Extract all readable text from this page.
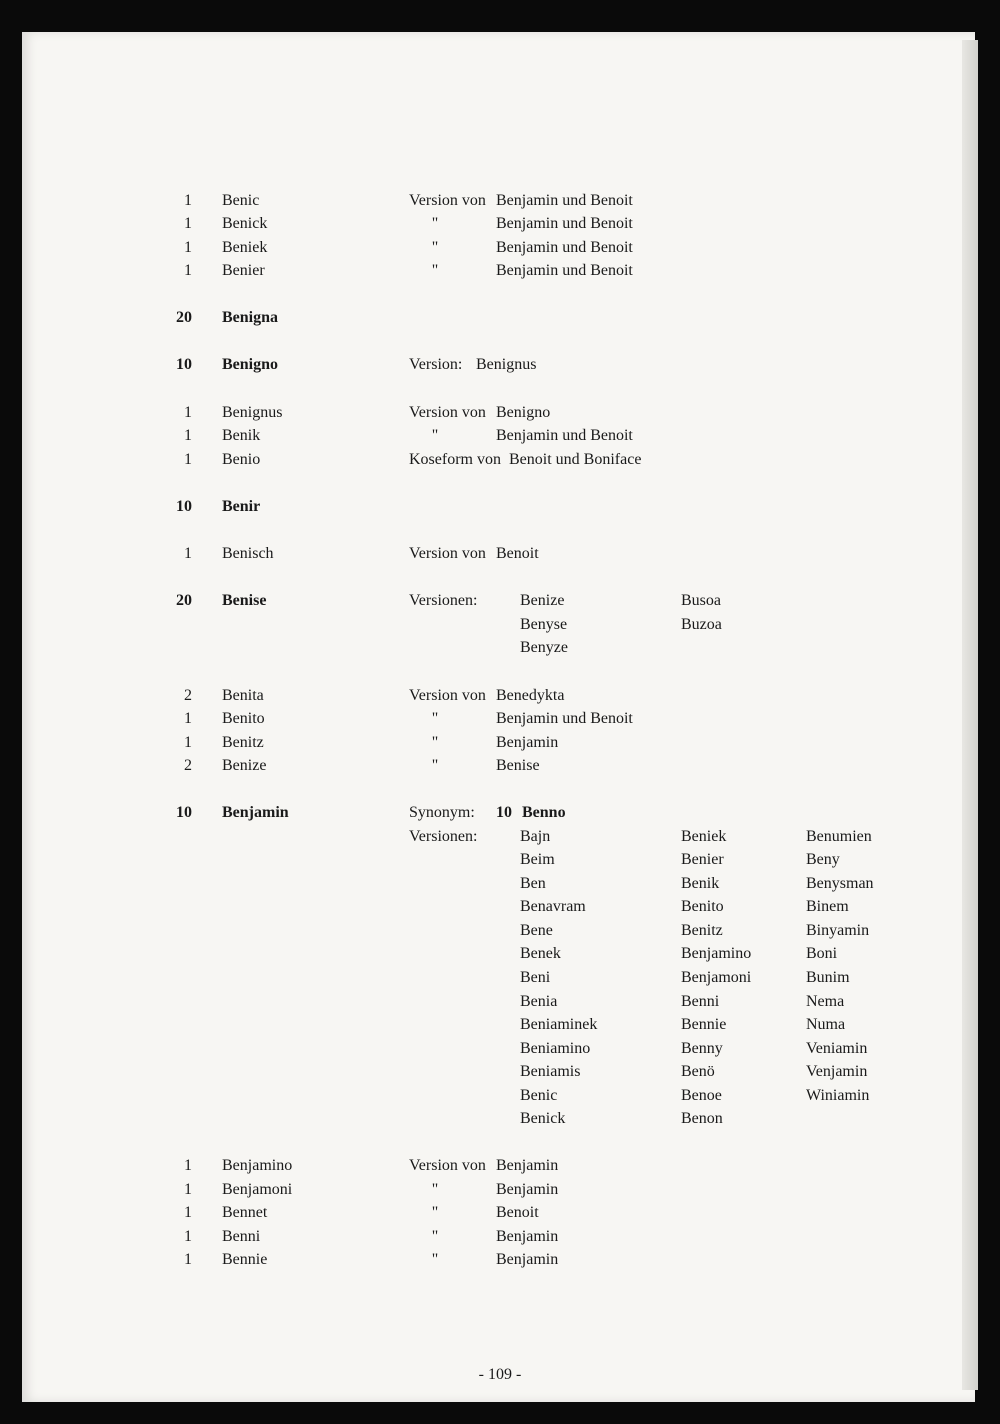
1 Benic	Version von Benjamin und Benoit
1 Benick	"	Benjamin und Benoit
1 Beniek	"	Benjamin und Benoit
1 Benier	"	Benjamin und Benoit
20 Benigna
10 Benigno	Version: Benignus
1 Benignus	Version von Benigno
1 Benik	"	Benjamin und Benoit
1 Benio	Koseform von Benoit und Boniface
10 Benir
1 Benisch	Version von Benoit
20 Benise	Versionen:	Benize	Busoa
Benyse	Buzoa
Benyze
2 Benita	Version von Benedykta
1 Benito	"	Benjamin und Benoit
1 Benitz	"	Benjamin
2 Benize	"	Benise
10 Benjamin	Synonym: 10 Benno
Versionen:	Bajn	Beniek	Benumien
Beim	Benier	Beny
Ben	Benik	Benysman
Benavram	Benito	Binem
Bene	Benitz	Binyamin
Benek	Benjamino	Boni
Beni	Benjamoni	Bunim
Benia	Benni	Nema
Beniaminek	Bennie	Numa
Beniamino	Benny	Veniamin
Beniamis	Benö	Venjamin
Benic	Benoe	Winiamin
Benick	Benon
1 Benjamino	Version von Benjamin
1 Benjamoni	"	Benjamin
1 Bennet	"	Benoit
1 Benni	"	Benjamin
1 Bennie	"	Benjamin
- 109 -
